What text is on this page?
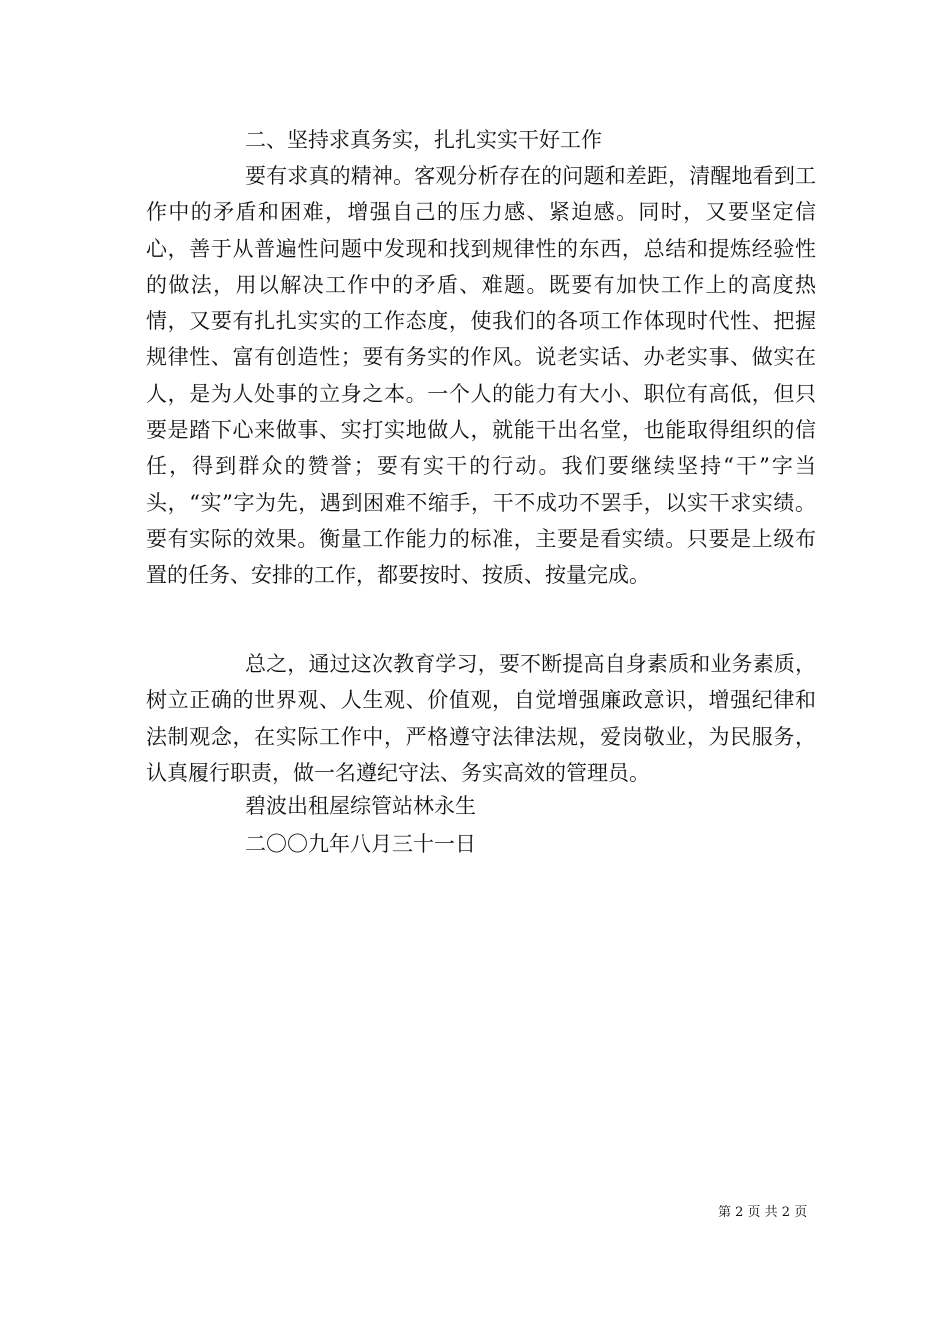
二、坚持求真务实，扎扎实实干好工作

要有求真的精神。客观分析存在的问题和差距，清醒地看到工作中的矛盾和困难，增强自己的压力感、紧迫感。同时，又要坚定信心，善于从普遍性问题中发现和找到规律性的东西，总结和提炼经验性的做法，用以解决工作中的矛盾、难题。既要有加快工作上的高度热情，又要有扎扎实实的工作态度，使我们的各项工作体现时代性、把握规律性、富有创造性；要有务实的作风。说老实话、办老实事、做实在人，是为人处事的立身之本。一个人的能力有大小、职位有高低，但只要是踏下心来做事、实打实地做人，就能干出名堂，也能取得组织的信任，得到群众的赞誉；要有实干的行动。我们要继续坚持“干”字当头，“实”字为先，遇到困难不缩手，干不成功不罢手，以实干求实绩。要有实际的效果。衡量工作能力的标准，主要是看实绩。只要是上级布置的任务、安排的工作，都要按时、按质、按量完成。

总之，通过这次教育学习，要不断提高自身素质和业务素质，树立正确的世界观、人生观、价值观，自觉增强廉政意识，增强纪律和法制观念，在实际工作中，严格遵守法律法规，爱岗敬业，为民服务，认真履行职责，做一名遵纪守法、务实高效的管理员。

碧波出租屋综管站林永生

二〇〇九年八月三十一日

第 2 页 共 2 页
